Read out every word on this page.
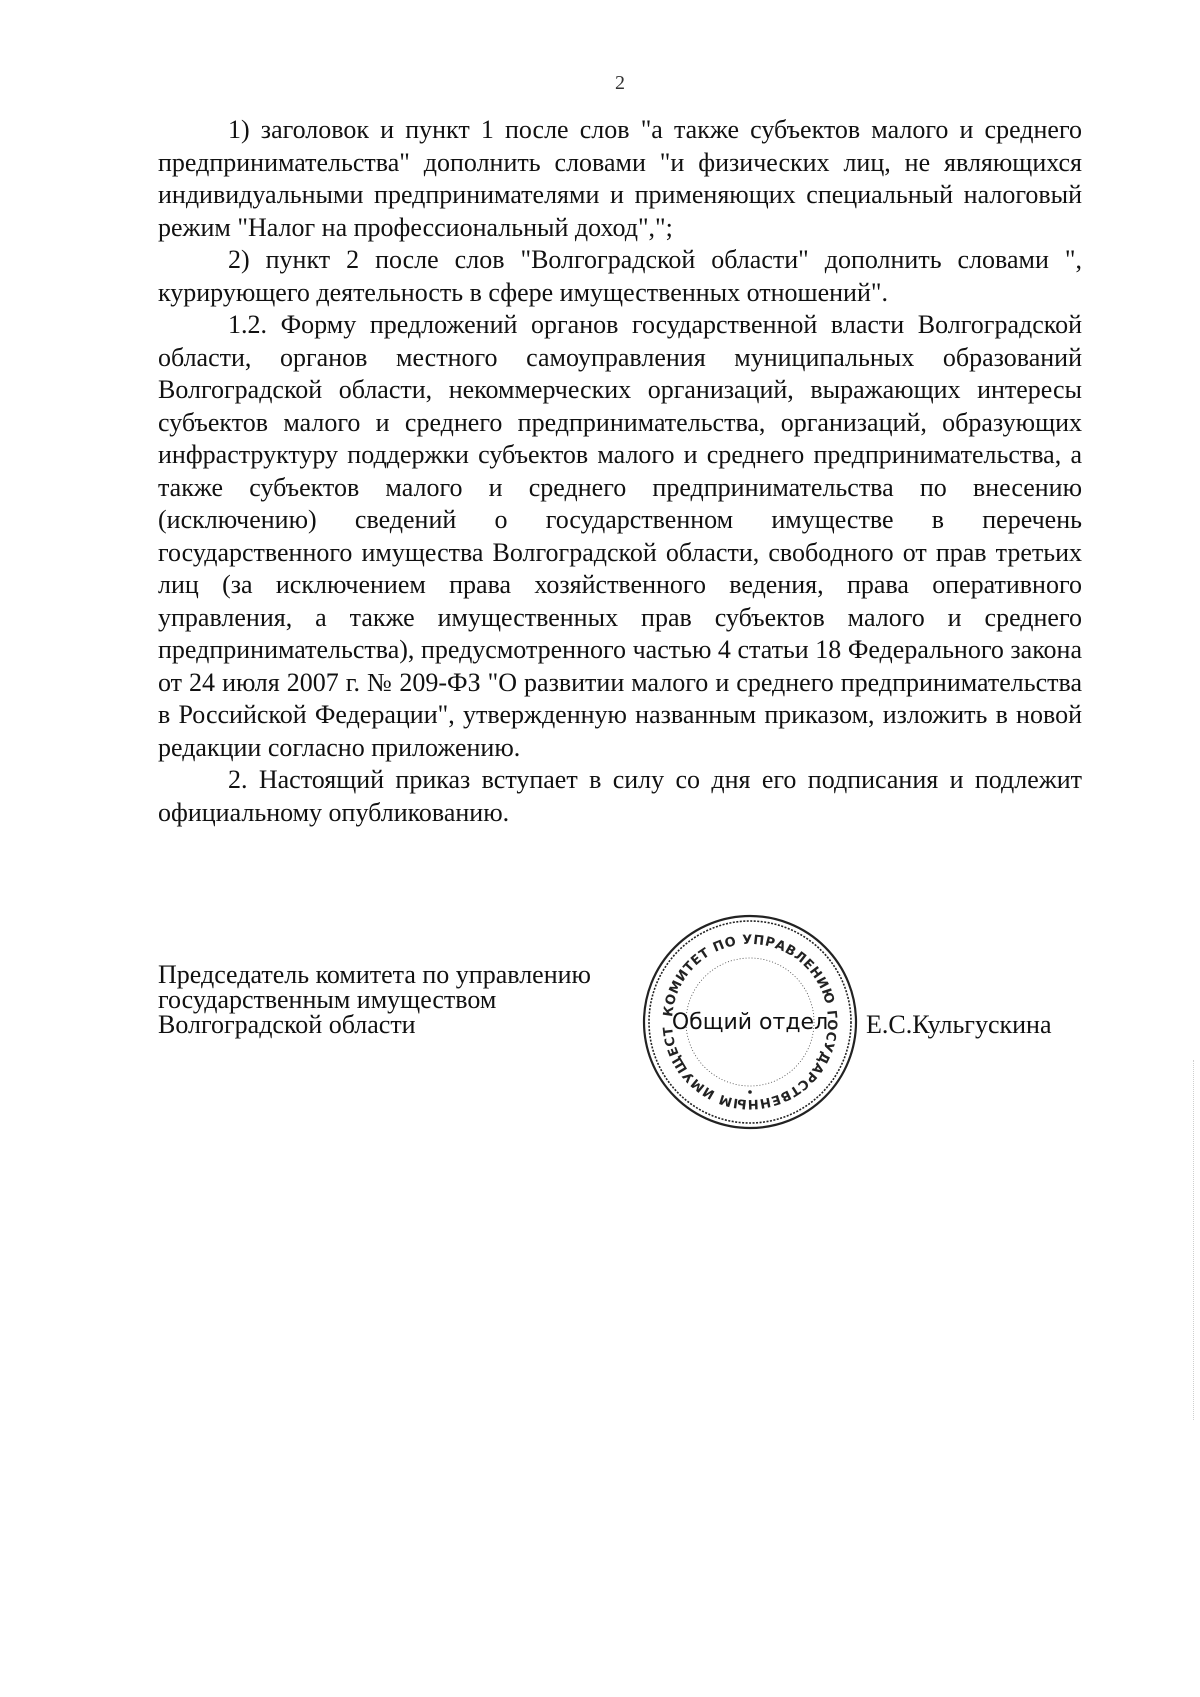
2

1) заголовок и пункт 1 после слов "а также субъектов малого и среднего предпринимательства" дополнить словами "и физических лиц, не являющихся индивидуальными предпринимателями и применяющих специальный налоговый режим "Налог на профессиональный доход",";

2) пункт 2 после слов "Волгоградской области" дополнить словами ", курирующего деятельность в сфере имущественных отношений".

1.2. Форму предложений органов государственной власти Волгоградской области, органов местного самоуправления муниципальных образований Волгоградской области, некоммерческих организаций, выражающих интересы субъектов малого и среднего предпринимательства, организаций, образующих инфраструктуру поддержки субъектов малого и среднего предпринимательства, а также субъектов малого и среднего предпринимательства по внесению (исключению) сведений о государственном имуществе в перечень государственного имущества Волгоградской области, свободного от прав третьих лиц (за исключением права хозяйственного ведения, права оперативного управления, а также имущественных прав субъектов малого и среднего предпринимательства), предусмотренного частью 4 статьи 18 Федерального закона от 24 июля 2007 г. № 209-ФЗ "О развитии малого и среднего предпринимательства в Российской Федерации", утвержденную названным приказом, изложить в новой редакции согласно приложению.

2. Настоящий приказ вступает в силу со дня его подписания и подлежит официальному опубликованию.

Председатель комитета по управлению
государственным имуществом
Волгоградской области	КОМИТЕТ ПО УПРАВЛЕНИЮ ГОСУДАРСТВЕННЫМ ИМУЩЕСТ
Общий отдел Е.С.Кульгускина
